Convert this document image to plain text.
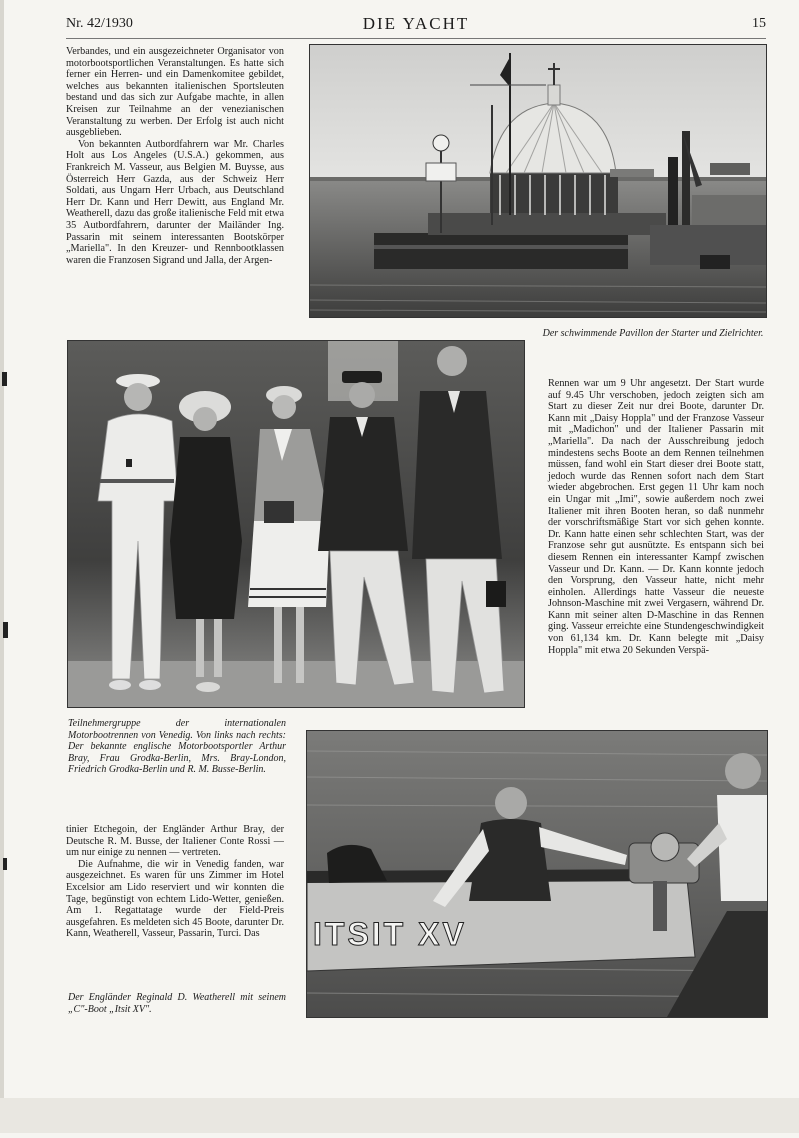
Nr. 42/1930	DIE YACHT	15

Verbandes, und ein ausgezeichneter Organisator von motorbootsportlichen Veranstaltungen. Es hatte sich ferner ein Herren- und ein Damenkomitee gebildet, welches aus bekannten italienischen Sportsleuten bestand und das sich zur Aufgabe machte, in allen Kreisen zur Teilnahme an der venezianischen Veranstaltung zu werben. Der Erfolg ist auch nicht ausgeblieben.

Von bekannten Autbordfahrern war Mr. Charles Holt aus Los Angeles (U.S.A.) gekommen, aus Frankreich M. Vasseur, aus Belgien M. Buysse, aus Österreich Herr Gazda, aus der Schweiz Herr Soldati, aus Ungarn Herr Urbach, aus Deutschland Herr Dr. Kann und Herr Dewitt, aus England Mr. Weatherell, dazu das große italienische Feld mit etwa 35 Autbordfahrern, darunter der Mailänder Ing. Passarin mit seinem interessanten Bootskörper „Mariella". In den Kreuzer- und Rennbootklassen waren die Franzosen Sigrand und Jalla, der Argen-

Der schwimmende Pavillon der Starter und Zielrichter.

Rennen war um 9 Uhr angesetzt. Der Start wurde auf 9.45 Uhr verschoben, jedoch zeigten sich am Start zu dieser Zeit nur drei Boote, darunter Dr. Kann mit „Daisy Hoppla" und der Franzose Vasseur mit „Madichon" und der Italiener Passarin mit „Mariella". Da nach der Ausschreibung jedoch mindestens sechs Boote an dem Rennen teilnehmen müssen, fand wohl ein Start dieser drei Boote statt, jedoch wurde das Rennen sofort nach dem Start wieder abgebrochen. Erst gegen 11 Uhr kam noch ein Ungar mit „Imi", sowie außerdem noch zwei Italiener mit ihren Booten heran, so daß nunmehr der vorschriftsmäßige Start vor sich gehen konnte. Dr. Kann hatte einen sehr schlechten Start, was der Franzose sehr gut ausnützte. Es entspann sich bei diesem Rennen ein interessanter Kampf zwischen Vasseur und Dr. Kann. — Dr. Kann konnte jedoch den Vorsprung, den Vasseur hatte, nicht mehr einholen. Allerdings hatte Vasseur die neueste Johnson-Maschine mit zwei Vergasern, während Dr. Kann mit seiner alten D-Maschine in das Rennen ging. Vasseur erreichte eine Stundengeschwindigkeit von 61,134 km. Dr. Kann belegte mit „Daisy Hoppla" mit etwa 20 Sekunden Verspä-

Teilnehmergruppe der internationalen Motorbootrennen von Venedig. Von links nach rechts: Der bekannte englische Motorbootsportler Arthur Bray, Frau Grodka-Berlin, Mrs. Bray-London, Friedrich Grodka-Berlin und R. M. Busse-Berlin.

ITSIT XV

tinier Etchegoin, der Engländer Arthur Bray, der Deutsche R. M. Busse, der Italiener Conte Rossi — um nur einige zu nennen — vertreten.

Die Aufnahme, die wir in Venedig fanden, war ausgezeichnet. Es waren für uns Zimmer im Hotel Excelsior am Lido reserviert und wir konnten die Tage, begünstigt von echtem Lido-Wetter, genießen. Am 1. Regattatage wurde der Field-Preis ausgefahren. Es meldeten sich 45 Boote, darunter Dr. Kann, Weatherell, Vasseur, Passarin, Turci. Das

Der Engländer Reginald D. Weatherell mit seinem „C"-Boot „Itsit XV".
